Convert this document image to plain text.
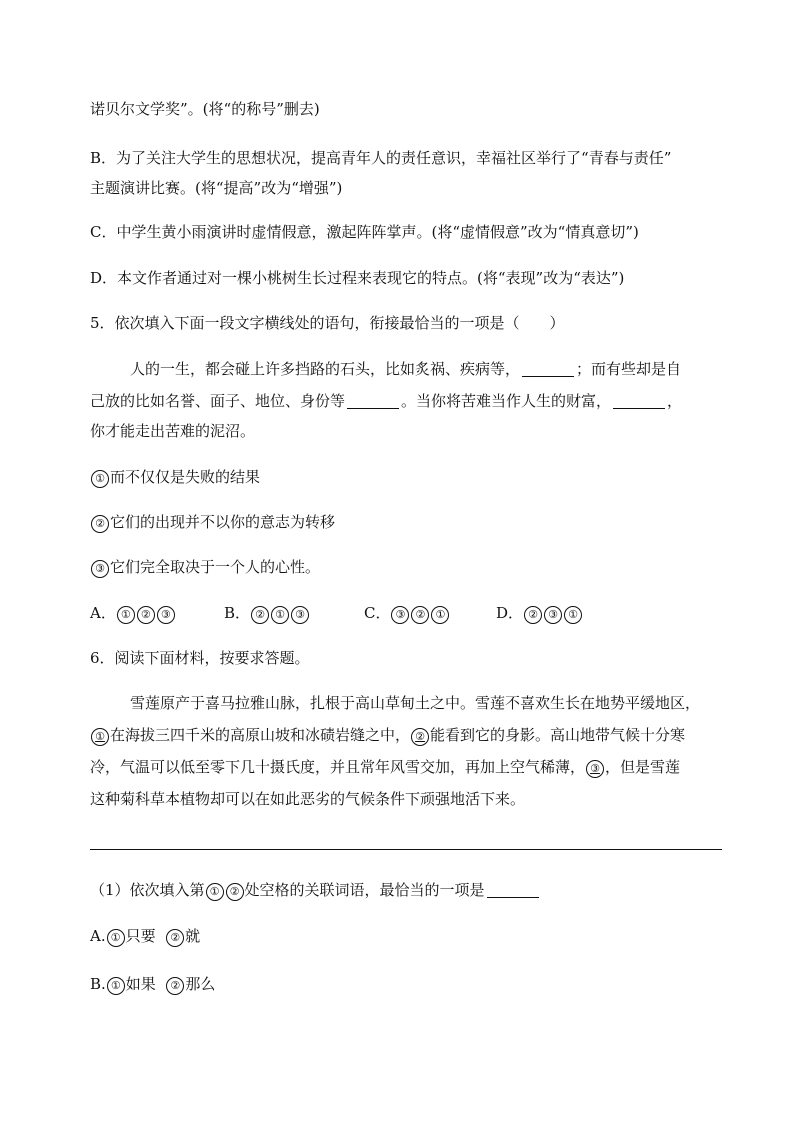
诺贝尔文学奖”。(将“的称号”删去)
B．为了关注大学生的思想状况，提高青年人的责任意识，幸福社区举行了“青春与责任”
主题演讲比赛。(将“提高”改为“增强”)
C．中学生黄小雨演讲时虚情假意，激起阵阵掌声。(将“虚情假意”改为“情真意切”)
D．本文作者通过对一棵小桃树生长过程来表现它的特点。(将“表现”改为“表达”)
5．依次填入下面一段文字横线处的语句，衔接最恰当的一项是（　　）
人的一生，都会碰上许多挡路的石头，比如炙祸、疾病等，	；而有些却是自
己放的比如名誉、面子、地位、身份等	。当你将苦难当作人生的财富，	，
你才能走出苦难的泥沼。
① 而不仅仅是失败的结果
② 它们的出现并不以你的意志为转移
③ 它们完全取决于一个人的心性。
A． ① ② ③	B． ② ① ③	C． ③ ② ①	D． ② ③ ①
6．阅读下面材料，按要求答题。
雪莲原产于喜马拉雅山脉，扎根于高山草甸土之中。雪莲不喜欢生长在地势平缓地区，
① 在海拔三四千米的高原山坡和冰碛岩缝之中， ② 能看到它的身影。高山地带气候十分寒
冷，气温可以低至零下几十摄氏度，并且常年风雪交加，再加上空气稀薄， ③ ，但是雪莲
这种菊科草本植物却可以在如此恶劣的气候条件下顽强地活下来。
（1）依次填入第 ① ② 处空格的关联词语，最恰当的一项是
A. ① 只要 ② 就
B. ① 如果 ② 那么
